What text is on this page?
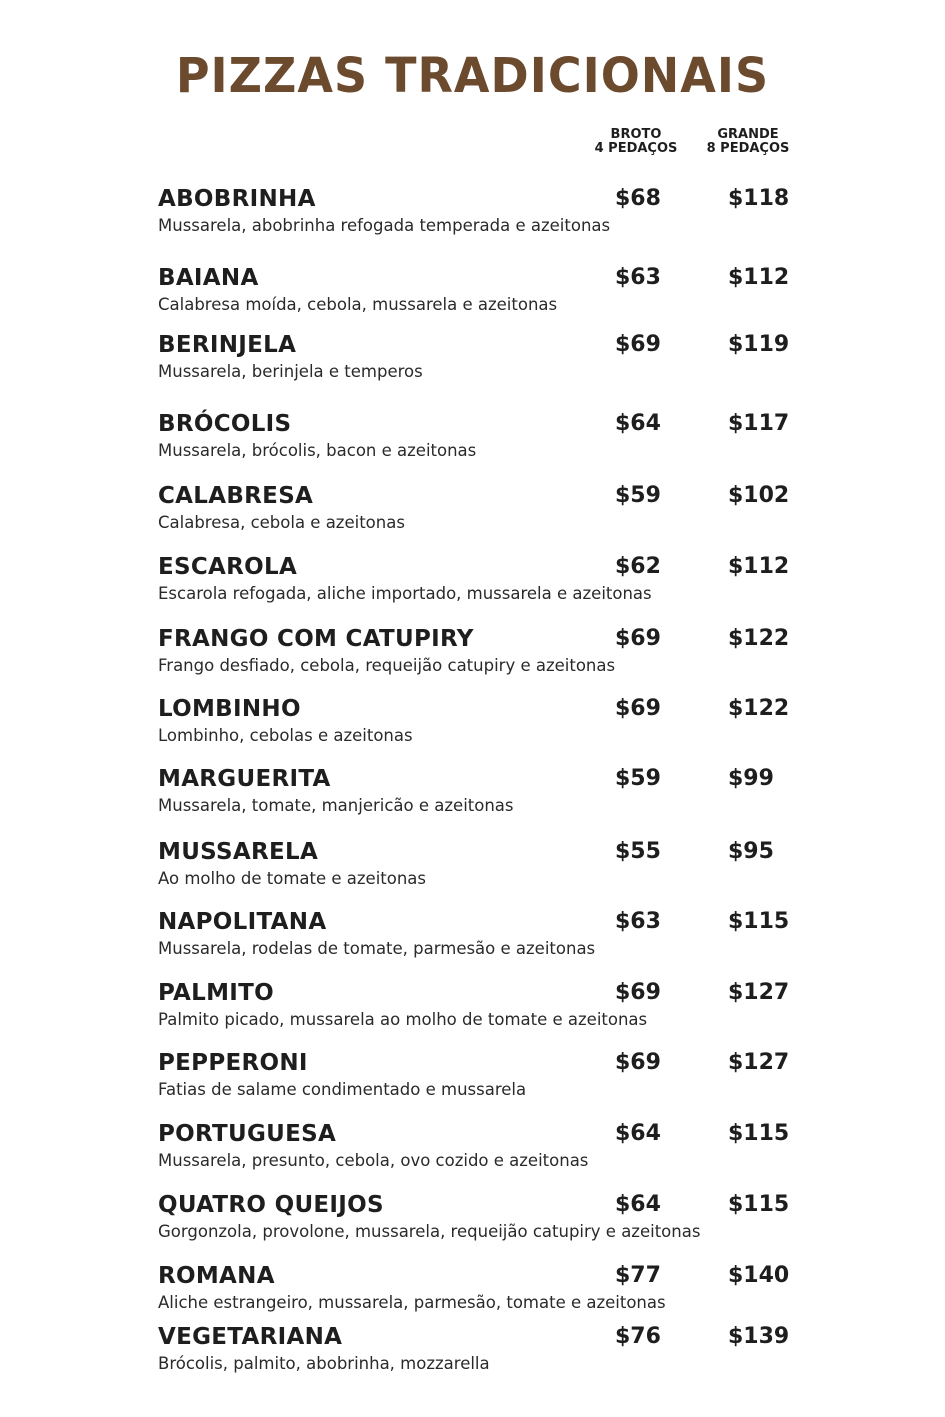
PIZZAS TRADICIONAIS
BROTO
4 PEDAÇOS
GRANDE
8 PEDAÇOS
ABOBRINHA
Mussarela, abobrinha refogada temperada e azeitonas
$68	$118
BAIANA
Calabresa moída, cebola, mussarela e azeitonas
$63	$112
BERINJELA
Mussarela, berinjela e temperos
$69	$119
BRÓCOLIS
Mussarela, brócolis, bacon e azeitonas
$64	$117
CALABRESA
Calabresa, cebola e azeitonas
$59	$102
ESCAROLA
Escarola refogada, aliche importado, mussarela e azeitonas
$62	$112
FRANGO COM CATUPIRY
Frango desfiado, cebola, requeijão catupiry e azeitonas
$69	$122
LOMBINHO
Lombinho, cebolas e azeitonas
$69	$122
MARGUERITA
Mussarela, tomate, manjericão e azeitonas
$59	$99
MUSSARELA
Ao molho de tomate e azeitonas
$55	$95
NAPOLITANA
Mussarela, rodelas de tomate, parmesão e azeitonas
$63	$115
PALMITO
Palmito picado, mussarela ao molho de tomate e azeitonas
$69	$127
PEPPERONI
Fatias de salame condimentado e mussarela
$69	$127
PORTUGUESA
Mussarela, presunto, cebola, ovo cozido e azeitonas
$64	$115
QUATRO QUEIJOS
Gorgonzola, provolone, mussarela, requeijão catupiry e azeitonas
$64	$115
ROMANA
Aliche estrangeiro, mussarela, parmesão, tomate e azeitonas
$77	$140
VEGETARIANA
Brócolis, palmito, abobrinha, mozzarella
$76	$139
